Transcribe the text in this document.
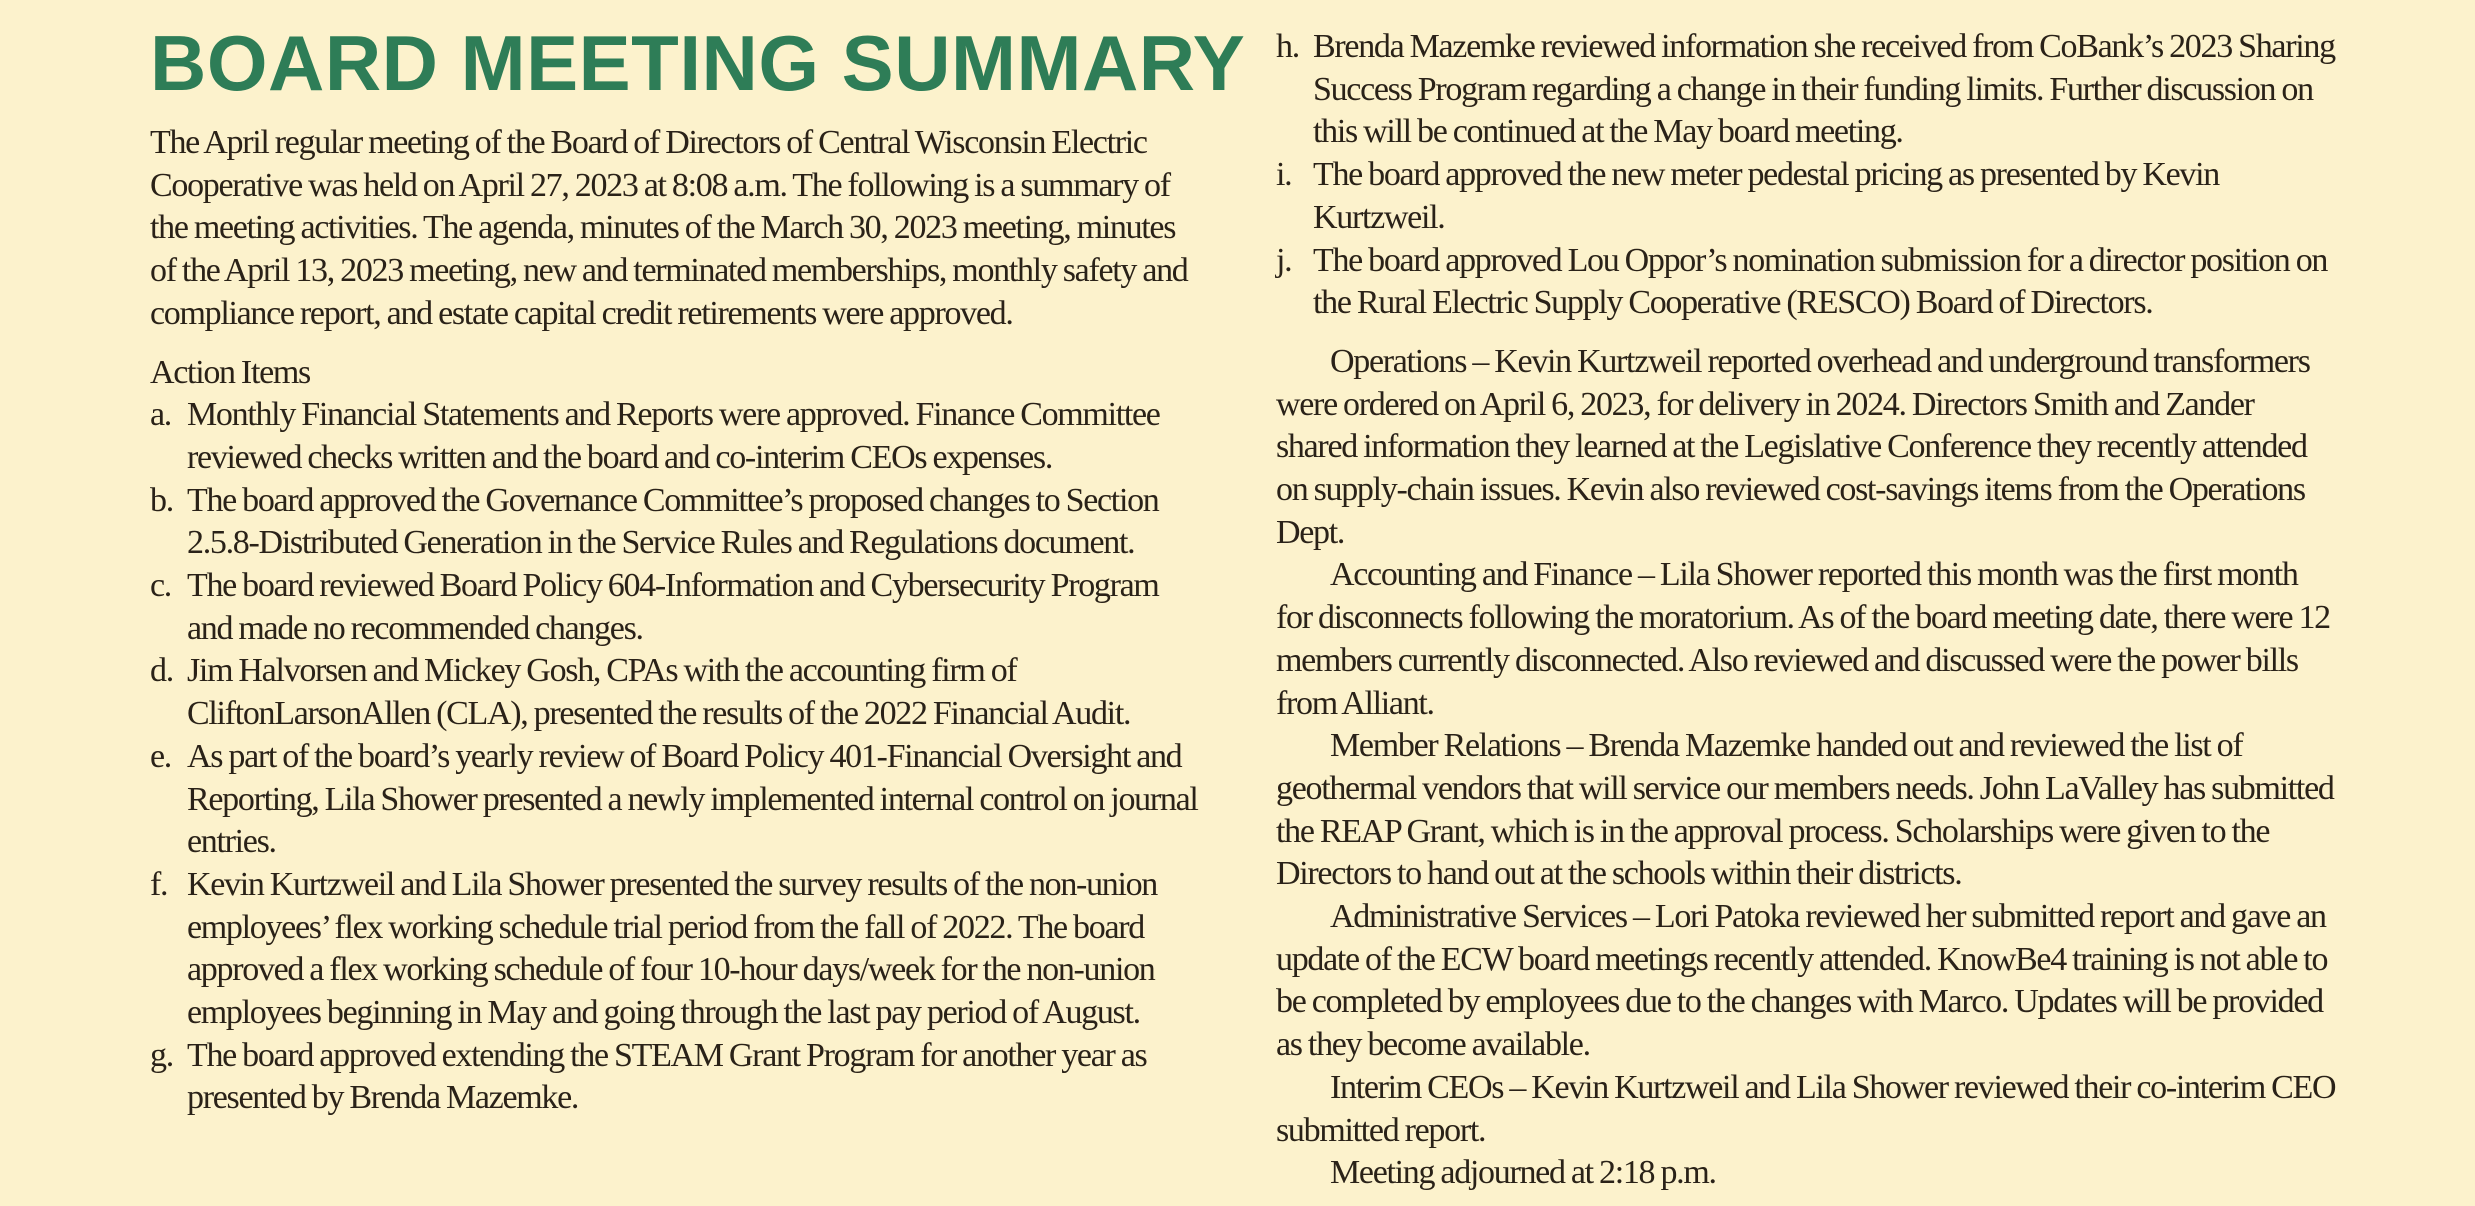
BOARD MEETING SUMMARY

The April regular meeting of the Board of Directors of Central Wisconsin Electric Cooperative was held on April 27, 2023 at 8:08 a.m. The following is a summary of the meeting activities. The agenda, minutes of the March 30, 2023 meeting, minutes of the April 13, 2023 meeting, new and terminated memberships, monthly safety and compliance report, and estate capital credit retirements were approved.

Action Items

a. Monthly Financial Statements and Reports were approved. Finance Committee reviewed checks written and the board and co-interim CEOs expenses.
b. The board approved the Governance Committee’s proposed changes to Section 2.5.8-Distributed Generation in the Service Rules and Regulations document.
c. The board reviewed Board Policy 604-Information and Cybersecurity Program and made no recommended changes.
d. Jim Halvorsen and Mickey Gosh, CPAs with the accounting firm of CliftonLarsonAllen (CLA), presented the results of the 2022 Financial Audit.
e. As part of the board’s yearly review of Board Policy 401-Financial Oversight and Reporting, Lila Shower presented a newly implemented internal control on journal entries.
f. Kevin Kurtzweil and Lila Shower presented the survey results of the non-union employees’ flex working schedule trial period from the fall of 2022. The board approved a flex working schedule of four 10-hour days/week for the non-union employees beginning in May and going through the last pay period of August.
g. The board approved extending the STEAM Grant Program for another year as presented by Brenda Mazemke.
h. Brenda Mazemke reviewed information she received from CoBank’s 2023 Sharing Success Program regarding a change in their funding limits. Further discussion on this will be continued at the May board meeting.
i. The board approved the new meter pedestal pricing as presented by Kevin Kurtzweil.
j. The board approved Lou Oppor’s nomination submission for a director position on the Rural Electric Supply Cooperative (RESCO) Board of Directors.

Operations – Kevin Kurtzweil reported overhead and underground transformers were ordered on April 6, 2023, for delivery in 2024. Directors Smith and Zander shared information they learned at the Legislative Conference they recently attended on supply-chain issues. Kevin also reviewed cost-savings items from the Operations Dept.

Accounting and Finance – Lila Shower reported this month was the first month for disconnects following the moratorium. As of the board meeting date, there were 12 members currently disconnected. Also reviewed and discussed were the power bills from Alliant.

Member Relations – Brenda Mazemke handed out and reviewed the list of geothermal vendors that will service our members needs. John LaValley has submitted the REAP Grant, which is in the approval process. Scholarships were given to the Directors to hand out at the schools within their districts.

Administrative Services – Lori Patoka reviewed her submitted report and gave an update of the ECW board meetings recently attended. KnowBe4 training is not able to be completed by employees due to the changes with Marco. Updates will be provided as they become available.

Interim CEOs – Kevin Kurtzweil and Lila Shower reviewed their co-interim CEO submitted report.

Meeting adjourned at 2:18 p.m.
